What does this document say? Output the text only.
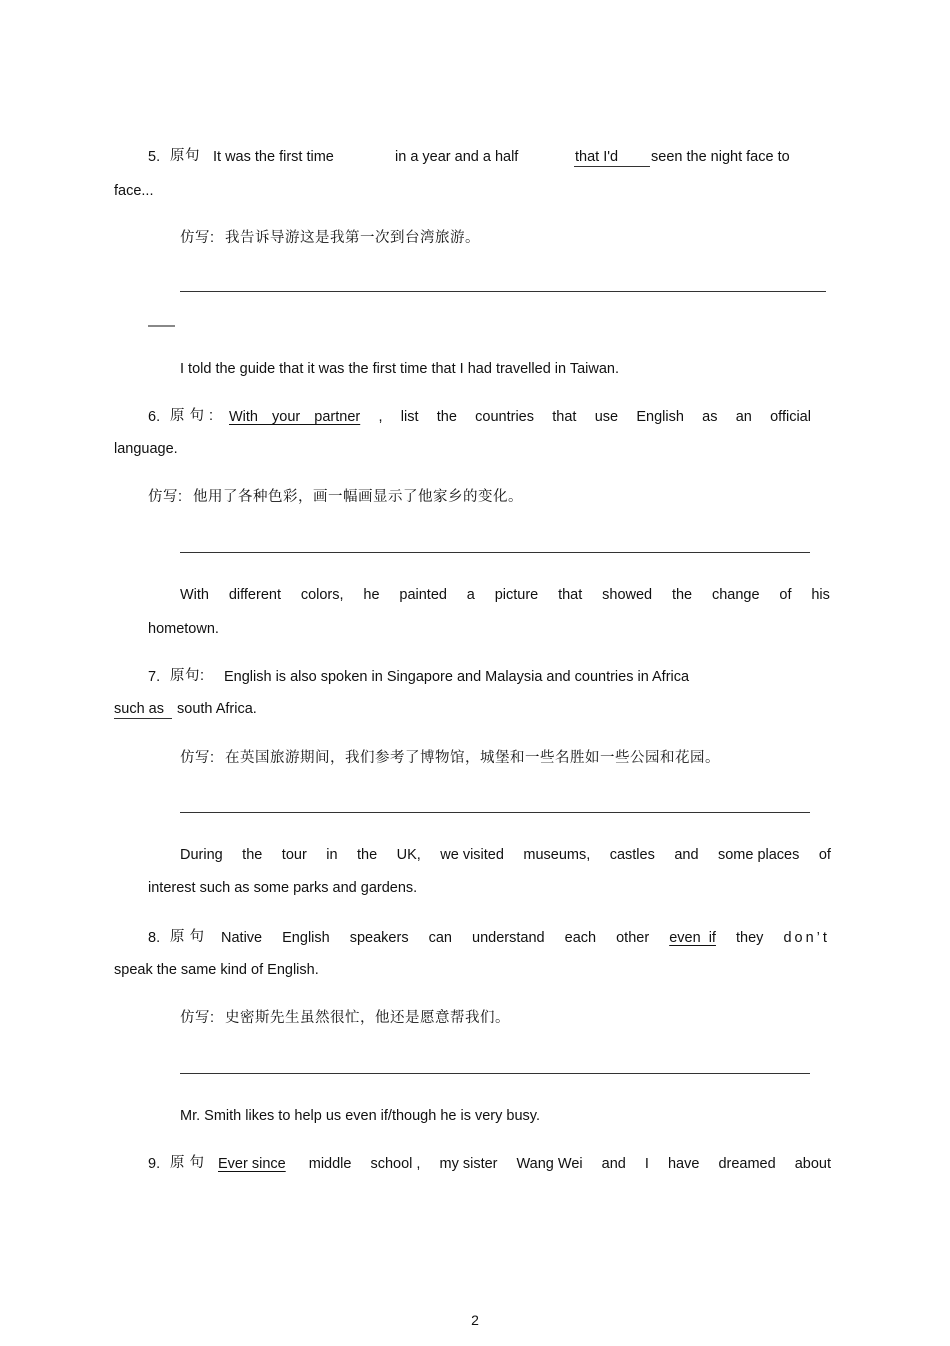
5. 原句 It was the first time	in a year and a half	that I'd seen the night face to
face...
仿写: 我告诉导游这是我第一次到台湾旅游。
——
I told the guide that it was the first time that I had travelled in Taiwan.
6. 原 句 : With your partner , list the countries that use English as an official
language.
仿写: 他用了各种色彩，画一幅画显示了他家乡的变化。
With different colors, he painted a picture that showed the change of his
hometown.
7. 原句: English is also spoken in Singapore and Malaysia and countries in Africa
such as south Africa.
仿写: 在英国旅游期间，我们参考了博物馆，城堡和一些名胜如一些公园和花园。
During the tour in the UK, we visited museums, castles and some places of
interest such as some parks and gardens.
8. 原 句 Native English speakers can understand each other even  if they don’t
speak the same kind of English.
仿写: 史密斯先生虽然很忙，他还是愿意帮我们。
Mr. Smith likes to help us even if/though he is very busy.
9. 原 句 Ever since middle school , my sister Wang Wei and I have dreamed about
2
